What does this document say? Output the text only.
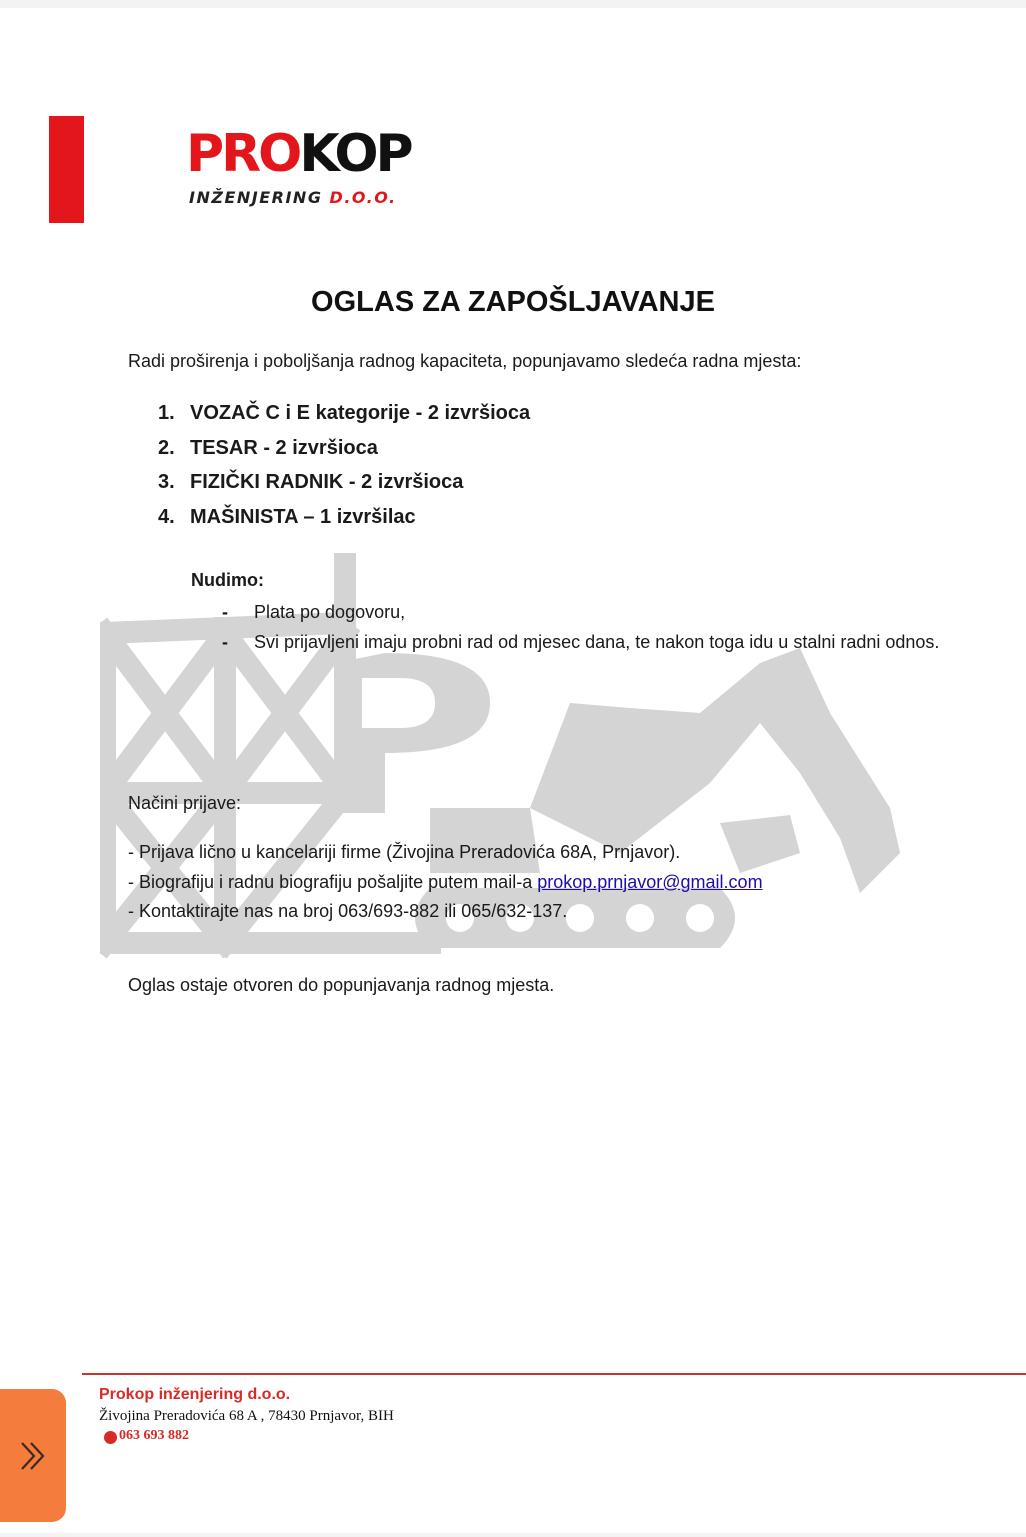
PROKOP
INŽENJERING D.O.O.
OGLAS ZA ZAPOŠLJAVANJE
Radi proširenja i poboljšanja radnog kapaciteta, popunjavamo sledeća radna mjesta:
1. VOZAČ C i E kategorije - 2 izvršioca
2. TESAR - 2 izvršioca
3. FIZIČKI RADNIK - 2 izvršioca
4. MAŠINISTA – 1 izvršilac
Nudimo:
- Plata po dogovoru,
- Svi prijavljeni imaju probni rad od mjesec dana, te nakon toga idu u stalni radni odnos.
Načini prijave:
- Prijava lično u kancelariji firme (Živojina Preradovića 68A, Prnjavor).
- Biografiju i radnu biografiju pošaljite putem mail-a prokop.prnjavor@gmail.com
- Kontaktirajte nas na broj 063/693-882 ili 065/632-137.
Oglas ostaje otvoren do popunjavanja radnog mjesta.
Prokop inženjering d.o.o.
Živojina Preradovića 68 A , 78430 Prnjavor, BIH
063 693 882
